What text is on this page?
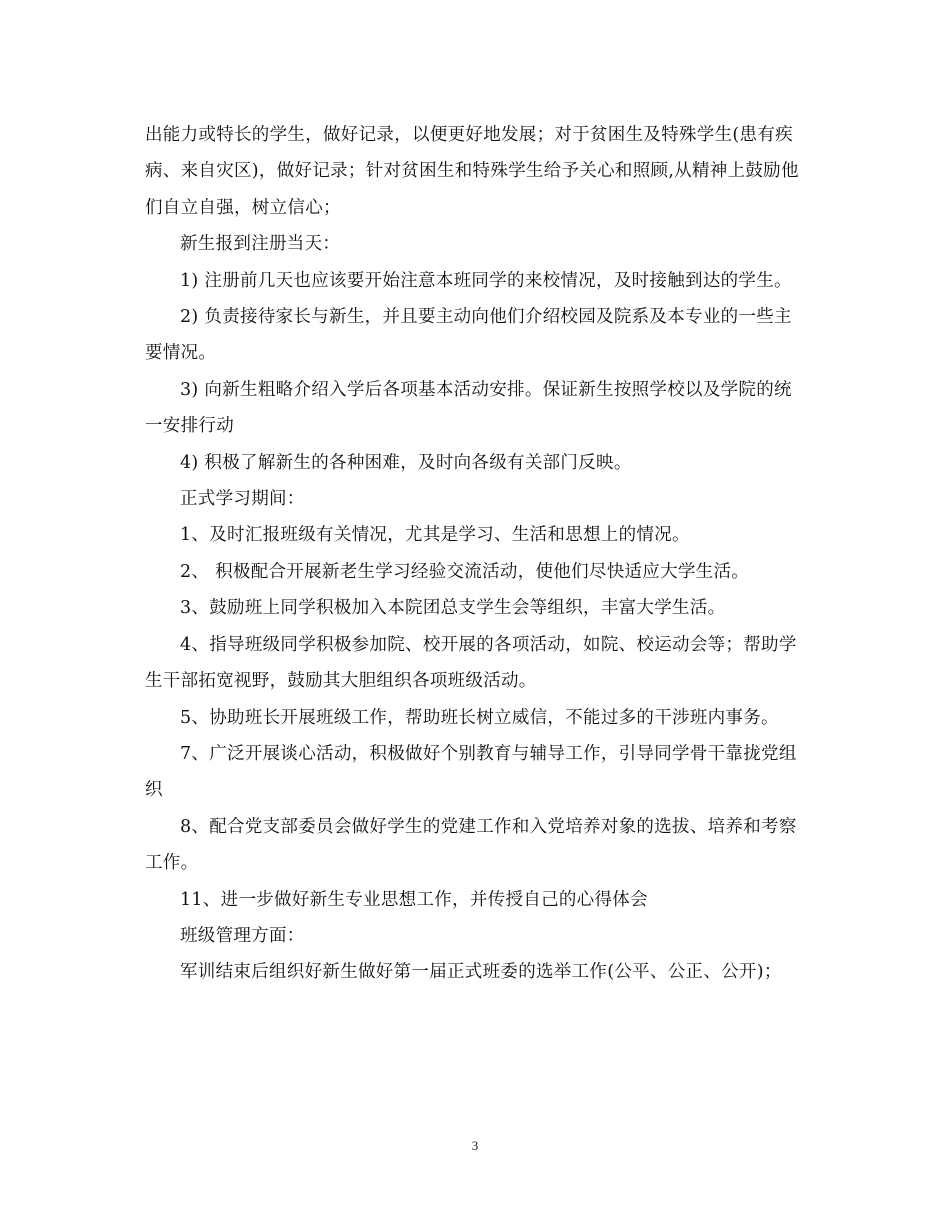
出能力或特长的学生，做好记录，以便更好地发展；对于贫困生及特殊学生(患有疾病、来自灾区)，做好记录；针对贫困生和特殊学生给予关心和照顾,从精神上鼓励他们自立自强，树立信心；

新生报到注册当天：

1) 注册前几天也应该要开始注意本班同学的来校情况，及时接触到达的学生。

2) 负责接待家长与新生，并且要主动向他们介绍校园及院系及本专业的一些主要情况。

3) 向新生粗略介绍入学后各项基本活动安排。保证新生按照学校以及学院的统一安排行动

4) 积极了解新生的各种困难，及时向各级有关部门反映。

正式学习期间：

1、及时汇报班级有关情况，尤其是学习、生活和思想上的情况。

2、 积极配合开展新老生学习经验交流活动，使他们尽快适应大学生活。

3、鼓励班上同学积极加入本院团总支学生会等组织，丰富大学生活。

4、指导班级同学积极参加院、校开展的各项活动，如院、校运动会等；帮助学生干部拓宽视野，鼓励其大胆组织各项班级活动。

5、协助班长开展班级工作，帮助班长树立威信，不能过多的干涉班内事务。

7、广泛开展谈心活动，积极做好个别教育与辅导工作，引导同学骨干靠拢党组织

8、配合党支部委员会做好学生的党建工作和入党培养对象的选拔、培养和考察工作。

11、进一步做好新生专业思想工作，并传授自己的心得体会

班级管理方面：

军训结束后组织好新生做好第一届正式班委的选举工作(公平、公正、公开)；

3
